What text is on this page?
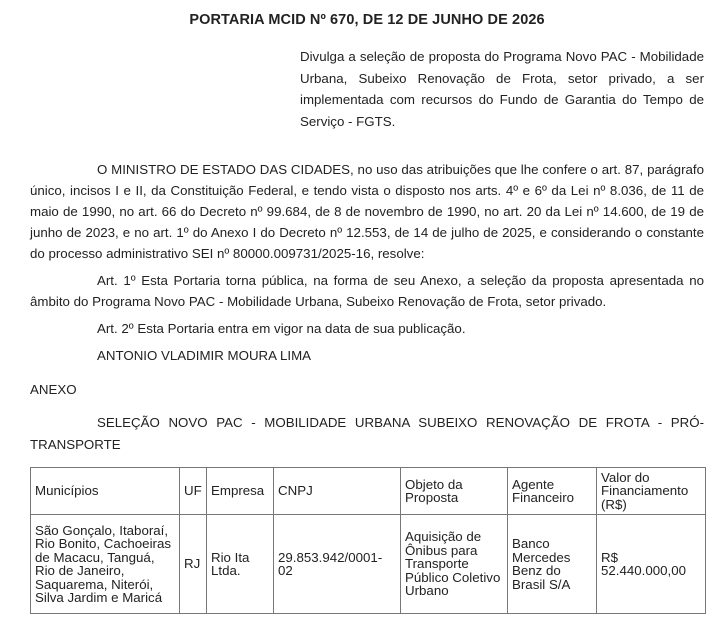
PORTARIA MCID Nº 670, DE 12 DE JUNHO DE 2026

Divulga a seleção de proposta do Programa Novo PAC - Mobilidade Urbana, Subeixo Renovação de Frota, setor privado, a ser implementada com recursos do Fundo de Garantia do Tempo de Serviço - FGTS.

O MINISTRO DE ESTADO DAS CIDADES, no uso das atribuições que lhe confere o art. 87, parágrafo único, incisos I e II, da Constituição Federal, e tendo vista o disposto nos arts. 4º e 6º da Lei nº 8.036, de 11 de maio de 1990, no art. 66 do Decreto nº 99.684, de 8 de novembro de 1990, no art. 20 da Lei nº 14.600, de 19 de junho de 2023, e no art. 1º do Anexo I do Decreto nº 12.553, de 14 de julho de 2025, e considerando o constante do processo administrativo SEI nº 80000.009731/2025-16, resolve:

Art. 1º Esta Portaria torna pública, na forma de seu Anexo, a seleção da proposta apresentada no âmbito do Programa Novo PAC - Mobilidade Urbana, Subeixo Renovação de Frota, setor privado.

Art. 2º Esta Portaria entra em vigor na data de sua publicação.

ANTONIO VLADIMIR MOURA LIMA

ANEXO

SELEÇÃO NOVO PAC - MOBILIDADE URBANA SUBEIXO RENOVAÇÃO DE FROTA - PRÓ-TRANSPORTE

Municípios	UF	Empresa	CNPJ	Objeto da Proposta	Agente Financeiro	Valor do Financiamento (R$)
São Gonçalo, Itaboraí, Rio Bonito, Cachoeiras de Macacu, Tanguá, Rio de Janeiro, Saquarema, Niterói, Silva Jardim e Maricá	RJ	Rio Ita Ltda.	29.853.942/0001-02	Aquisição de Ônibus para Transporte Público Coletivo Urbano	Banco Mercedes Benz do Brasil S/A	R$ 52.440.000,00
